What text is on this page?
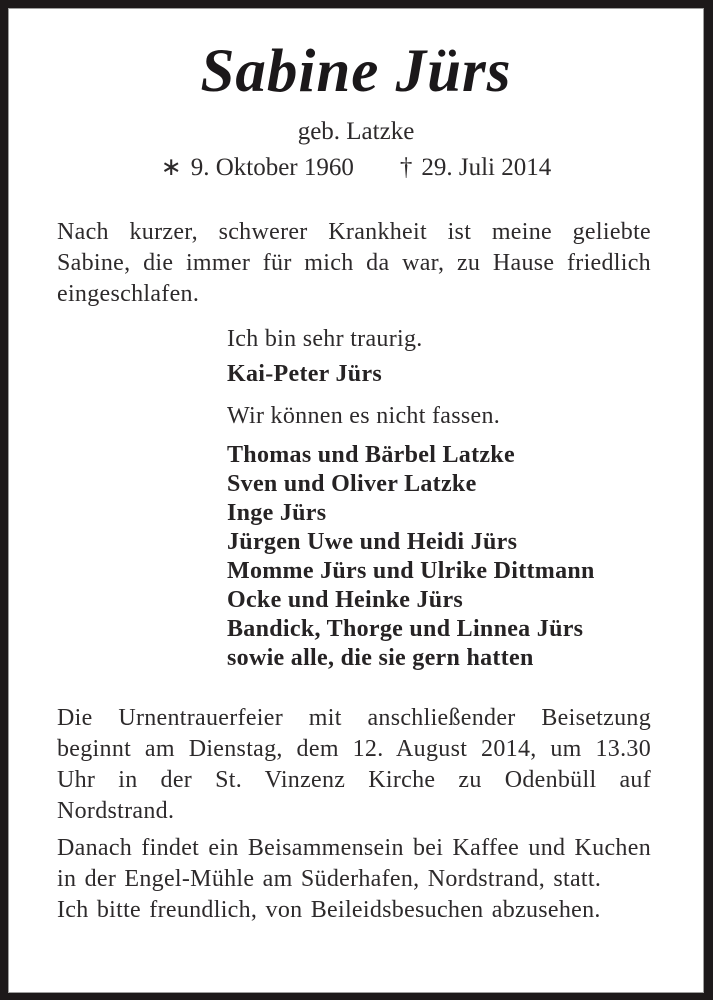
Sabine Jürs
geb. Latzke
∗ 9. Oktober 1960 † 29. Juli 2014

Nach kurzer, schwerer Krankheit ist meine geliebte Sabine, die immer für mich da war, zu Hause friedlich eingeschlafen.

Ich bin sehr traurig.
Kai-Peter Jürs
Wir können es nicht fassen.
Thomas und Bärbel Latzke
Sven und Oliver Latzke
Inge Jürs
Jürgen Uwe und Heidi Jürs
Momme Jürs und Ulrike Dittmann
Ocke und Heinke Jürs
Bandick, Thorge und Linnea Jürs
sowie alle, die sie gern hatten

Die Urnentrauerfeier mit anschließender Beisetzung beginnt am Dienstag, dem 12. August 2014, um 13.30 Uhr in der St. Vinzenz Kirche zu Odenbüll auf Nordstrand.

Danach findet ein Beisammensein bei Kaffee und Kuchen in der Engel-Mühle am Süderhafen, Nordstrand, statt.

Ich bitte freundlich, von Beileidsbesuchen abzusehen.
